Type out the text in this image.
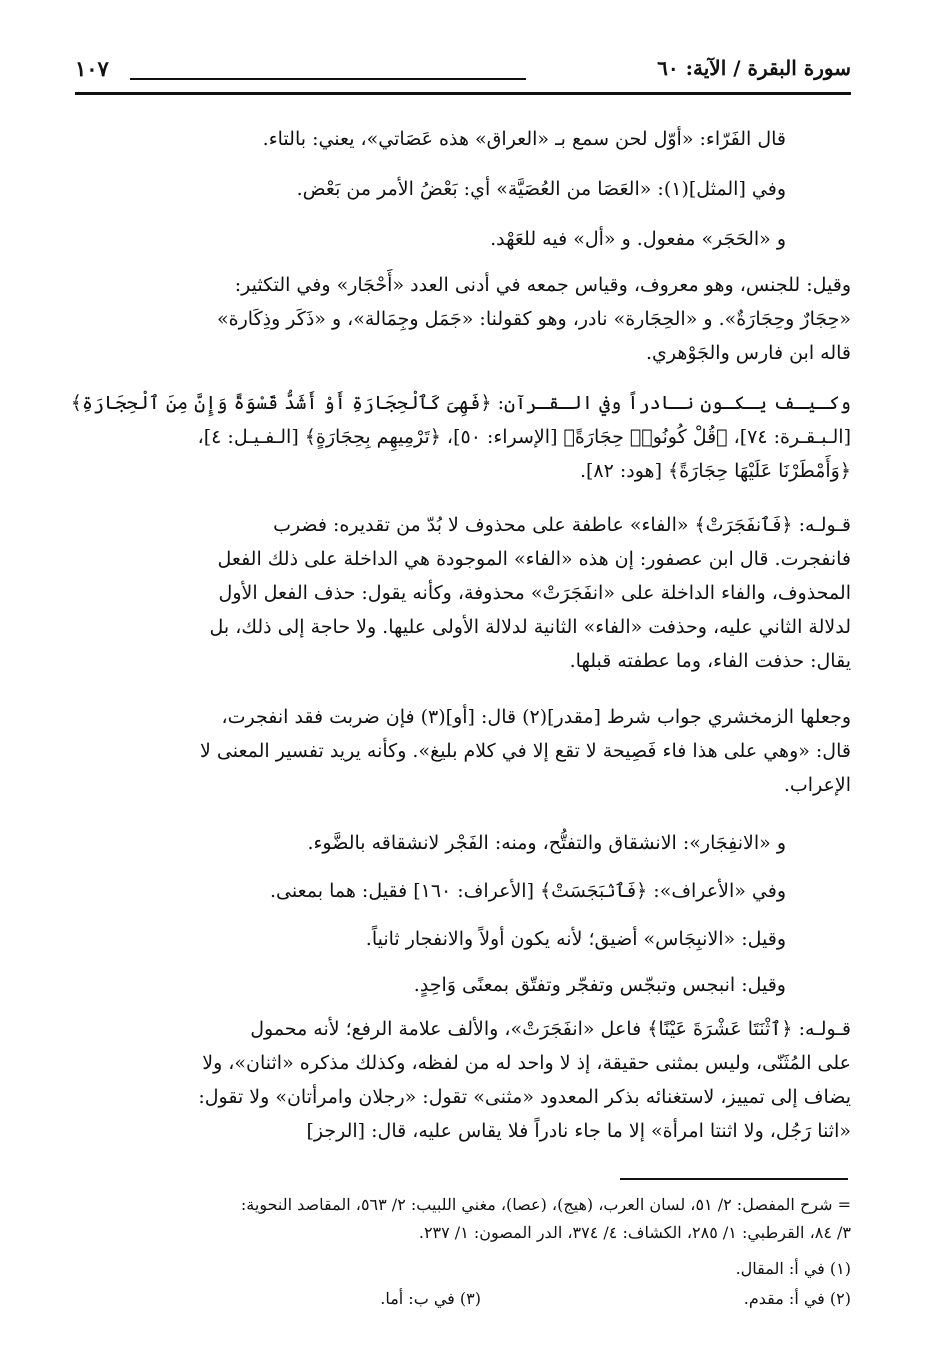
سورة البقرة / الآية: ٦٠
١٠٧
قال الفَرّاء: «أوّل لحن سمع بـ «العراق» هذه عَصَاتي»، يعني: بالتاء.
وفي [المثل](١): «العَصَا من العُصَيَّة» أي: بَعْضُ الأمر من بَعْض.
و «الحَجَر» مفعول. و «أل» فيه للعَهْد.
وقيل: للجنس، وهو معروف، وقياس جمعه في أدنى العدد «أَحْجَار» وفي التكثير:
«حِجَارٌ وحِجَارَةٌ». و «الحِجَارة» نادر، وهو كقولنا: «جَمَل وجِمَالة»، و «ذَكَر وذِكَارة»
قاله ابن فارس والجَوْهري.
وكـيـف يـكـون نـادراً وفي الـقـرآن: ﴿فَهِىَ كَٱلْحِجَارَةِ أَوْ أَشَدُّ قَسْوَةً وَإِنَّ مِنَ ٱلْحِجَارَةِ﴾
[الـبـقـرة: ٧٤]، ﴿قُلْ كُونُوا۟ حِجَارَةً﴾ [الإسراء: ٥٠]، ﴿تَرْمِيهِم بِحِجَارَةٍ﴾ [الـفـيـل: ٤]،
﴿وَأَمْطَرْنَا عَلَيْهَا حِجَارَةً﴾ [هود: ٨٢].
قـولـه: ﴿فَٱنفَجَرَتْ﴾ «الفاء» عاطفة على محذوف لا بُدّ من تقديره: فضرب
فانفجرت. قال ابن عصفور: إن هذه «الفاء» الموجودة هي الداخلة على ذلك الفعل
المحذوف، والفاء الداخلة على «انفَجَرَتْ» محذوفة، وكأنه يقول: حذف الفعل الأول
لدلالة الثاني عليه، وحذفت «الفاء» الثانية لدلالة الأولى عليها. ولا حاجة إلى ذلك، بل
يقال: حذفت الفاء، وما عطفته قبلها.
وجعلها الزمخشري جواب شرط [مقدر](٢) قال: [أو](٣) فإن ضربت فقد انفجرت،
قال: «وهي على هذا فاء فَصِيحة لا تقع إلا في كلام بليغ». وكأنه يريد تفسير المعنى لا
الإعراب.
و «الانفِجَار»: الانشقاق والتفتُّح، ومنه: الفَجْر لانشقاقه بالضَّوء.
وفي «الأعراف»: ﴿فَٱنۢبَجَسَتْ﴾ [الأعراف: ١٦٠] فقيل: هما بمعنى.
وقيل: «الانبِجَاس» أضيق؛ لأنه يكون أولاً والانفجار ثانياً.
وقيل: انبجس وتبجّس وتفجّر وتفتّق بمعنًى وَاحِدٍ.
قـولـه: ﴿ٱثْنَتَا عَشْرَةَ عَيْنًا﴾ فاعل «انفَجَرَتْ»، والألف علامة الرفع؛ لأنه محمول
على المُثَنّى، وليس بمثنى حقيقة، إذ لا واحد له من لفظه، وكذلك مذكره «اثنان»، ولا
يضاف إلى تمييز، لاستغنائه بذكر المعدود «مثنى» تقول: «رجلان وامرأتان» ولا تقول:
«اثنا رَجُل، ولا اثنتا امرأة» إلا ما جاء نادراً فلا يقاس عليه، قال: [الرجز]
= شرح المفصل: ٢/ ٥١، لسان العرب، (هيج)، (عصا)، مغني اللبيب: ٢/ ٥٦٣، المقاصد النحوية:
٣/ ٨٤، القرطبي: ١/ ٢٨٥، الكشاف: ٤/ ٣٧٤، الدر المصون: ١/ ٢٣٧.
(١) في أ: المقال.
(٢) في أ: مقدم.
(٣) في ب: أما.
